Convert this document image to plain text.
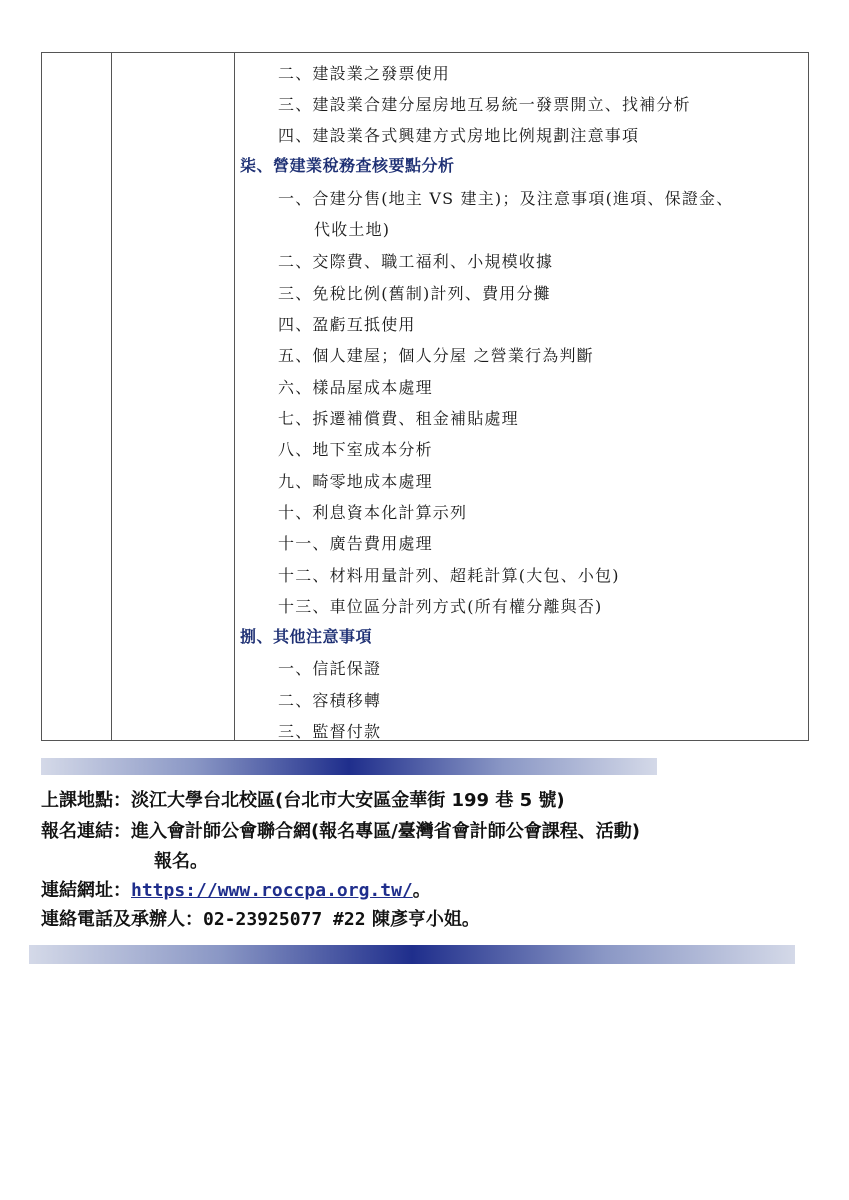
二、建設業之發票使用
三、建設業合建分屋房地互易統一發票開立、找補分析
四、建設業各式興建方式房地比例規劃注意事項
柒、營建業稅務查核要點分析
一、合建分售(地主 VS 建主)；及注意事項(進項、保證金、
代收土地)
二、交際費、職工福利、小規模收據
三、免稅比例(舊制)計列、費用分攤
四、盈虧互抵使用
五、個人建屋；個人分屋 之營業行為判斷
六、樣品屋成本處理
七、拆遷補償費、租金補貼處理
八、地下室成本分析
九、畸零地成本處理
十、利息資本化計算示列
十一、廣告費用處理
十二、材料用量計列、超耗計算(大包、小包)
十三、車位區分計列方式(所有權分離與否)
捌、其他注意事項
一、信託保證
二、容積移轉
三、監督付款
上課地點：淡江大學台北校區(台北市大安區金華街 199 巷 5 號)
報名連結：進入會計師公會聯合網(報名專區/臺灣省會計師公會課程、活動)
報名。
連結網址：https://www.roccpa.org.tw/。
連絡電話及承辦人：02-23925077 #22 陳彥亨小姐。
